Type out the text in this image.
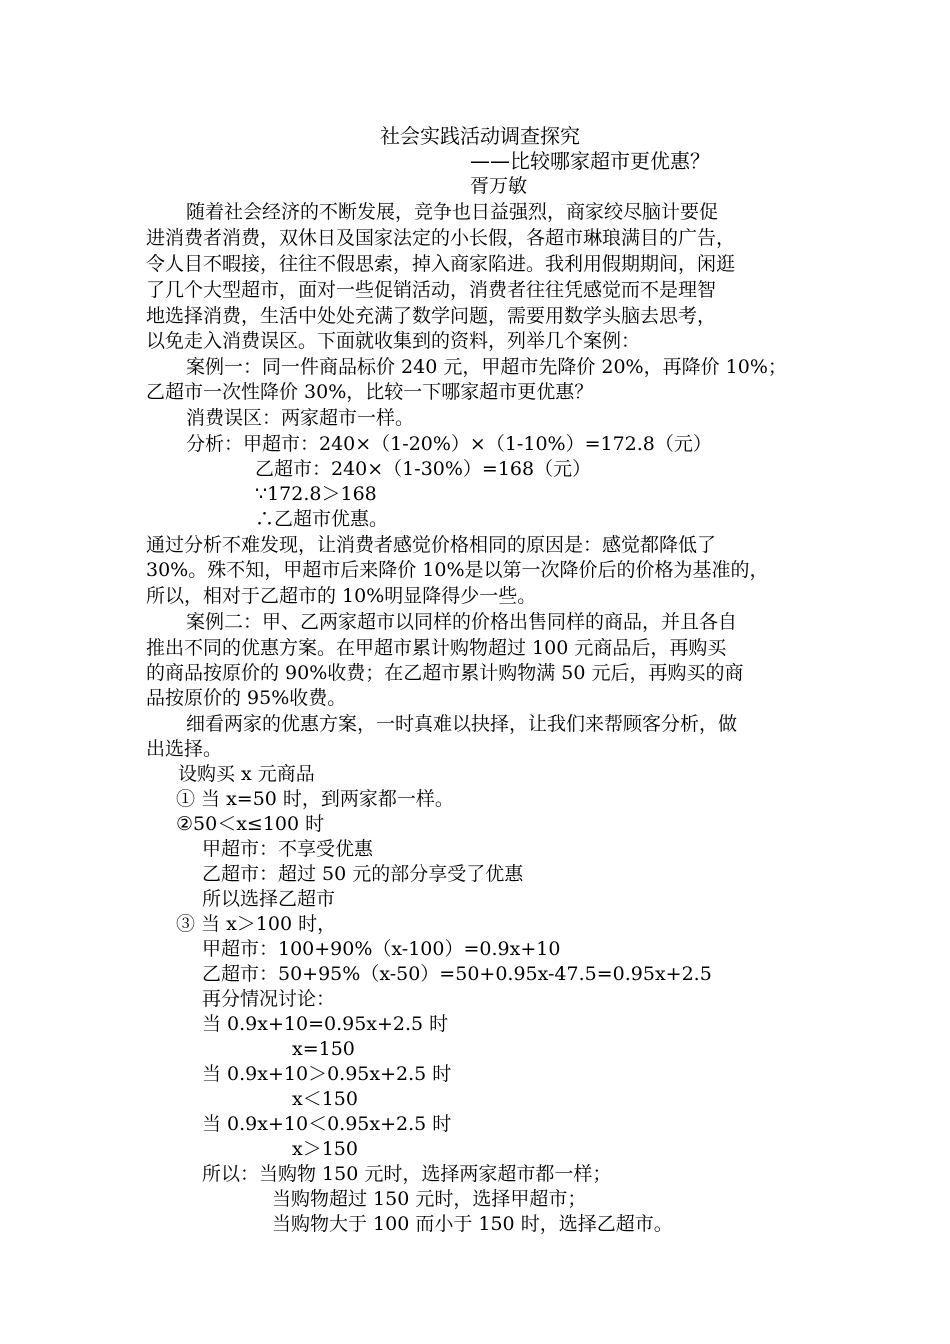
社会实践活动调查探究
——比较哪家超市更优惠？
胥万敏
随着社会经济的不断发展，竞争也日益强烈，商家绞尽脑计要促
进消费者消费，双休日及国家法定的小长假，各超市琳琅满目的广告，
令人目不暇接，往往不假思索，掉入商家陷进。我利用假期期间，闲逛
了几个大型超市，面对一些促销活动，消费者往往凭感觉而不是理智
地选择消费，生活中处处充满了数学问题，需要用数学头脑去思考，
以免走入消费误区。下面就收集到的资料，列举几个案例：
案例一：同一件商品标价 240 元，甲超市先降价 20%，再降价 10%；
乙超市一次性降价 30%，比较一下哪家超市更优惠？
消费误区：两家超市一样。
分析：甲超市：240×（1-20%）×（1-10%）=172.8（元）
乙超市：240×（1-30%）=168（元）
∵172.8＞168
∴乙超市优惠。
通过分析不难发现，让消费者感觉价格相同的原因是：感觉都降低了
30%。殊不知，甲超市后来降价 10%是以第一次降价后的价格为基准的，
所以，相对于乙超市的 10%明显降得少一些。
案例二：甲、乙两家超市以同样的价格出售同样的商品，并且各自
推出不同的优惠方案。在甲超市累计购物超过 100 元商品后，再购买
的商品按原价的 90%收费；在乙超市累计购物满 50 元后，再购买的商
品按原价的 95%收费。
细看两家的优惠方案，一时真难以抉择，让我们来帮顾客分析，做
出选择。
设购买 x 元商品
① 当 x=50 时，到两家都一样。
②50＜x≤100 时
甲超市：不享受优惠
乙超市：超过 50 元的部分享受了优惠
所以选择乙超市
③ 当 x＞100 时，
甲超市：100+90%（x-100）=0.9x+10
乙超市：50+95%（x-50）=50+0.95x-47.5=0.95x+2.5
再分情况讨论：
当 0.9x+10=0.95x+2.5 时
x=150
当 0.9x+10＞0.95x+2.5 时
x＜150
当 0.9x+10＜0.95x+2.5 时
x＞150
所以：当购物 150 元时，选择两家超市都一样；
当购物超过 150 元时，选择甲超市；
当购物大于 100 而小于 150 时，选择乙超市。
